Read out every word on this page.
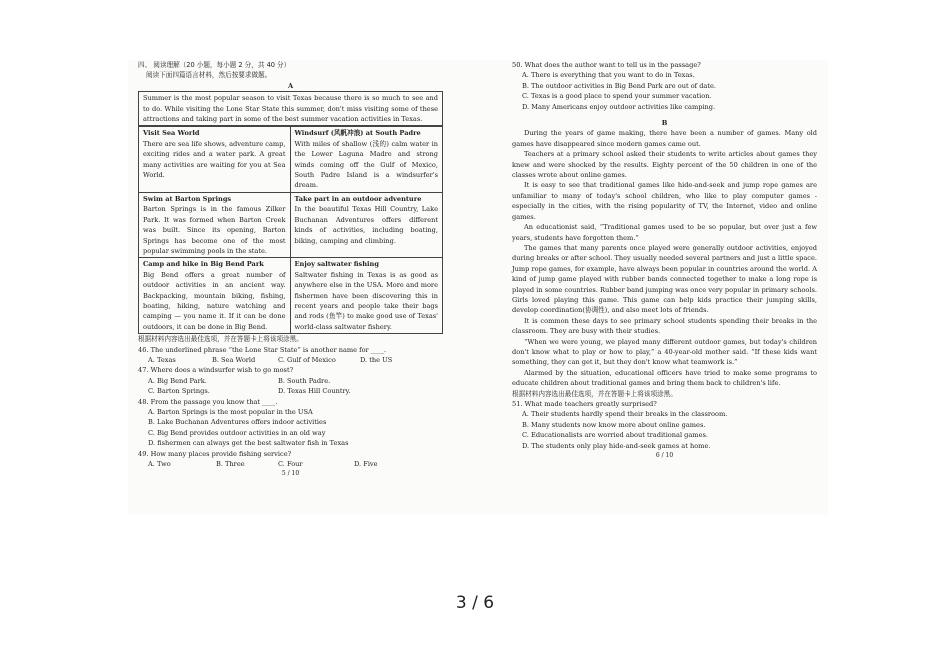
四、 阅读理解（20 小题，每小题 2 分，共 40 分）

阅读下面四篇语言材料，然后按要求做题。

A

Summer is the most popular season to visit Texas because there is so much to see and to do. While visiting the Lone Star State this summer, don't miss visiting some of these attractions and taking part in some of the best summer vacation activities in Texas.
Visit Sea World
There are sea life shows, adventure camp, exciting rides and a water park. A great many activities are waiting for you at Sea World.
Windsurf (风帆冲浪) at South Padre
With miles of shallow (浅的) calm water in the Lower Laguna Madre and strong winds coming off the Gulf of Mexico, South Padre Island is a windsurfer's dream.
Swim at Barton Springs
Barton Springs is in the famous Zilker Park. It was formed when Barton Creek was built. Since its opening, Barton Springs has become one of the most popular swimming pools in the state.
Take part in an outdoor adventure
In the beautiful Texas Hill Country, Lake Buchanan Adventures offers different kinds of activities, including boating, biking, camping and climbing.
Camp and hike in Big Bend Park
Big Bend offers a great number of outdoor activities in an ancient way. Backpacking, mountain biking, fishing, boating, hiking, nature watching and camping — you name it. If it can be done outdoors, it can be done in Big Bend.
Enjoy saltwater fishing
Saltwater fishing in Texas is as good as anywhere else in the USA. More and more fishermen have been discovering this in recent years and people take their bags and rods (鱼竿) to make good use of Texas' world-class saltwater fishery.

根据材料内容选出最佳选项，并在答题卡上将该项涂黑。

46. The underlined phrase “the Lone Star State” is another name for ____.

A. Texas	B. Sea World	C. Gulf of Mexico	D. the US

47. Where does a windsurfer wish to go most?

A. Big Bend Park.	B. South Padre.
C. Barton Springs.	D. Texas Hill Country.

48. From the passage you know that ____.

A. Barton Springs is the most popular in the USA

B. Lake Buchanan Adventures offers indoor activities

C. Big Bend provides outdoor activities in an old way

D. fishermen can always get the best saltwater fish in Texas

49. How many places provide fishing service?

A. Two	B. Three	C. Four	D. Five

5 / 10

50. What does the author want to tell us in the passage?

A. There is everything that you want to do in Texas.

B. The outdoor activities in Big Bend Park are out of date.

C. Texas is a good place to spend your summer vacation.

D. Many Americans enjoy outdoor activities like camping.

B

During the years of game making, there have been a number of games. Many old games have disappeared since modern games came out.

Teachers at a primary school asked their students to write articles about games they knew and were shocked by the results. Eighty percent of the 50 children in one of the classes wrote about online games.

It is easy to see that traditional games like hide-and-seek and jump rope games are unfamiliar to many of today's school children, who like to play computer games - especially in the cities, with the rising popularity of TV, the Internet, video and online games.

An educationist said, “Traditional games used to be so popular, but over just a few years, students have forgotten them.”

The games that many parents once played were generally outdoor activities, enjoyed during breaks or after school. They usually needed several partners and just a little space. Jump rope games, for example, have always been popular in countries around the world. A kind of jump game played with rubber bands connected together to make a long rope is played in some countries. Rubber band jumping was once very popular in primary schools. Girls loved playing this game. This game can help kids practice their jumping skills, develop coordination(协调性), and also meet lots of friends.

It is common these days to see primary school students spending their breaks in the classroom. They are busy with their studies.

“When we were young, we played many different outdoor games, but today's children don't know what to play or how to play,” a 40-year-old mother said. “If these kids want something, they can get it, but they don't know what teamwork is.”

Alarmed by the situation, educational officers have tried to make some programs to educate children about traditional games and bring them back to children's life.

根据材料内容选出最佳选项，并在答题卡上将该项涂黑。

51. What made teachers greatly surprised?

A. Their students hardly spend their breaks in the classroom.

B. Many students now know more about online games.

C. Educationalists are worried about traditional games.

D. The students only play hide-and-seek games at home.

6 / 10

3 / 6
